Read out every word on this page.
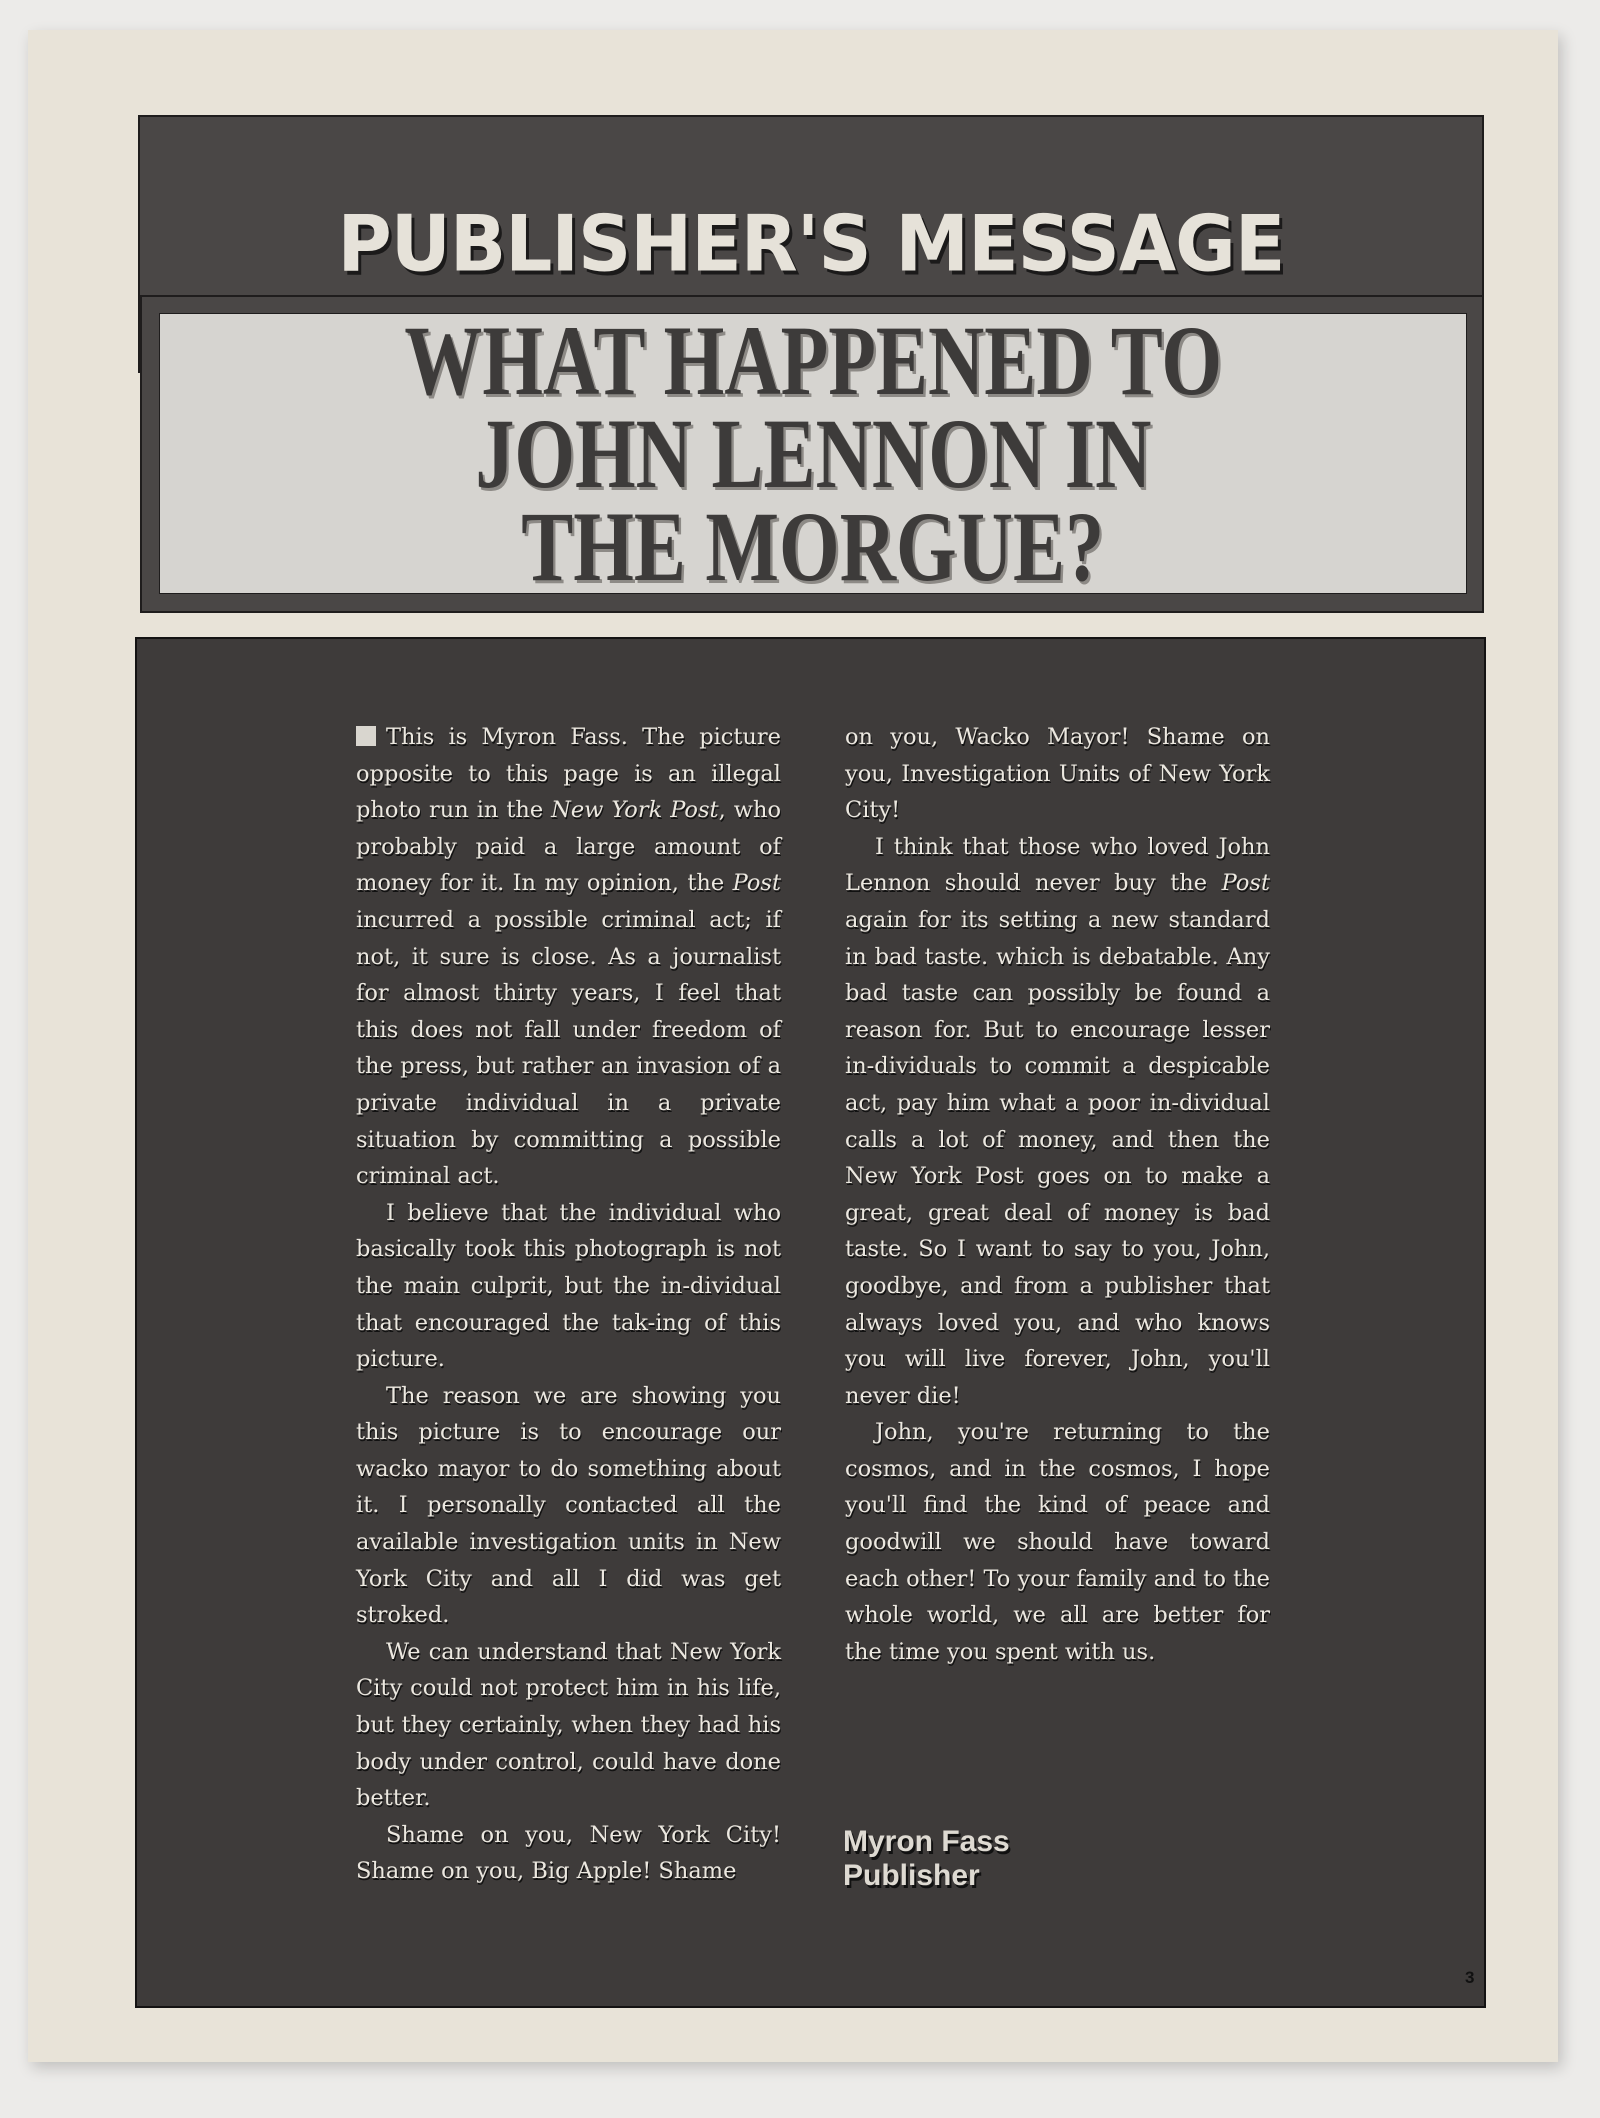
PUBLISHER'S MESSAGE
WHAT HAPPENED TO
JOHN LENNON IN
THE MORGUE?

This is Myron Fass. The picture opposite to this page is an illegal photo run in the New York Post, who probably paid a large amount of money for it. In my opinion, the Post incurred a possible criminal act; if not, it sure is close. As a journalist for almost thirty years, I feel that this does not fall under freedom of the press, but rather an invasion of a private individual in a private situation by committing a possible criminal act.

I believe that the individual who basically took this photograph is not the main culprit, but the in-dividual that encouraged the tak-ing of this picture.

The reason we are showing you this picture is to encourage our wacko mayor to do something about it. I personally contacted all the available investigation units in New York City and all I did was get stroked.

We can understand that New York City could not protect him in his life, but they certainly, when they had his body under control, could have done better.

Shame on you, New York City! Shame on you, Big Apple! Shame

on you, Wacko Mayor! Shame on you, Investigation Units of New York City!

I think that those who loved John Lennon should never buy the Post again for its setting a new standard in bad taste. which is debatable. Any bad taste can possibly be found a reason for. But to encourage lesser in-dividuals to commit a despicable act, pay him what a poor in-dividual calls a lot of money, and then the New York Post goes on to make a great, great deal of money is bad taste. So I want to say to you, John, goodbye, and from a publisher that always loved you, and who knows you will live forever, John, you'll never die!

John, you're returning to the cosmos, and in the cosmos, I hope you'll find the kind of peace and goodwill we should have toward each other! To your family and to the whole world, we all are better for the time you spent with us.

Myron Fass
Publisher
3
